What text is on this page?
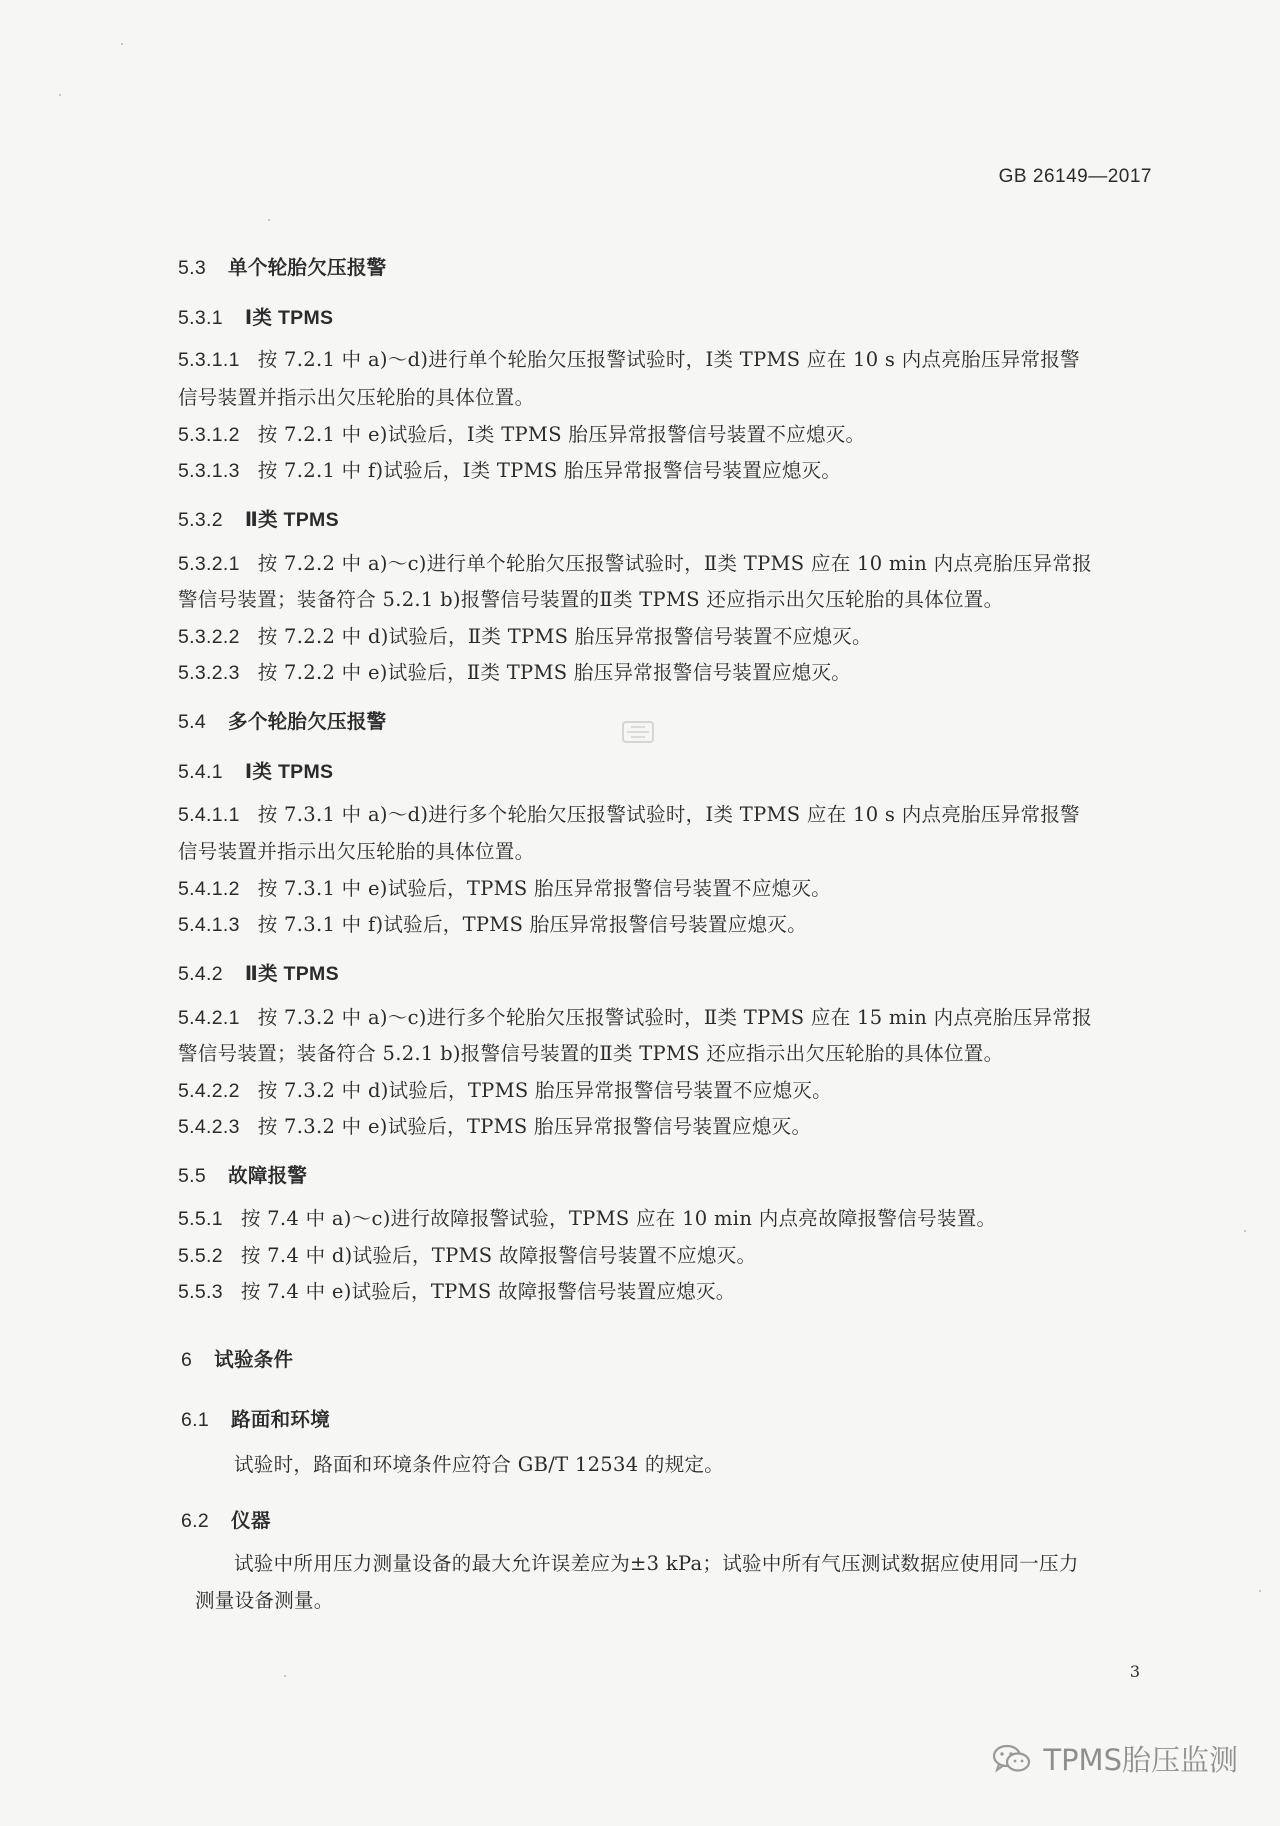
GB 26149—2017
5.3 单个轮胎欠压报警
5.3.1 Ⅰ类 TPMS
5.3.1.1 按 7.2.1 中 a)～d)进行单个轮胎欠压报警试验时，Ⅰ类 TPMS 应在 10 s 内点亮胎压异常报警
信号装置并指示出欠压轮胎的具体位置。
5.3.1.2 按 7.2.1 中 e)试验后，Ⅰ类 TPMS 胎压异常报警信号装置不应熄灭。
5.3.1.3 按 7.2.1 中 f)试验后，Ⅰ类 TPMS 胎压异常报警信号装置应熄灭。
5.3.2 Ⅱ类 TPMS
5.3.2.1 按 7.2.2 中 a)～c)进行单个轮胎欠压报警试验时，Ⅱ类 TPMS 应在 10 min 内点亮胎压异常报
警信号装置；装备符合 5.2.1 b)报警信号装置的Ⅱ类 TPMS 还应指示出欠压轮胎的具体位置。
5.3.2.2 按 7.2.2 中 d)试验后，Ⅱ类 TPMS 胎压异常报警信号装置不应熄灭。
5.3.2.3 按 7.2.2 中 e)试验后，Ⅱ类 TPMS 胎压异常报警信号装置应熄灭。
5.4 多个轮胎欠压报警
5.4.1 Ⅰ类 TPMS
5.4.1.1 按 7.3.1 中 a)～d)进行多个轮胎欠压报警试验时，Ⅰ类 TPMS 应在 10 s 内点亮胎压异常报警
信号装置并指示出欠压轮胎的具体位置。
5.4.1.2 按 7.3.1 中 e)试验后，TPMS 胎压异常报警信号装置不应熄灭。
5.4.1.3 按 7.3.1 中 f)试验后，TPMS 胎压异常报警信号装置应熄灭。
5.4.2 Ⅱ类 TPMS
5.4.2.1 按 7.3.2 中 a)～c)进行多个轮胎欠压报警试验时，Ⅱ类 TPMS 应在 15 min 内点亮胎压异常报
警信号装置；装备符合 5.2.1 b)报警信号装置的Ⅱ类 TPMS 还应指示出欠压轮胎的具体位置。
5.4.2.2 按 7.3.2 中 d)试验后，TPMS 胎压异常报警信号装置不应熄灭。
5.4.2.3 按 7.3.2 中 e)试验后，TPMS 胎压异常报警信号装置应熄灭。
5.5 故障报警
5.5.1 按 7.4 中 a)～c)进行故障报警试验，TPMS 应在 10 min 内点亮故障报警信号装置。
5.5.2 按 7.4 中 d)试验后，TPMS 故障报警信号装置不应熄灭。
5.5.3 按 7.4 中 e)试验后，TPMS 故障报警信号装置应熄灭。
6 试验条件
6.1 路面和环境
试验时，路面和环境条件应符合 GB/T 12534 的规定。
6.2 仪器
试验中所用压力测量设备的最大允许误差应为±3 kPa；试验中所有气压测试数据应使用同一压力
测量设备测量。
3
TPMS胎压监测
